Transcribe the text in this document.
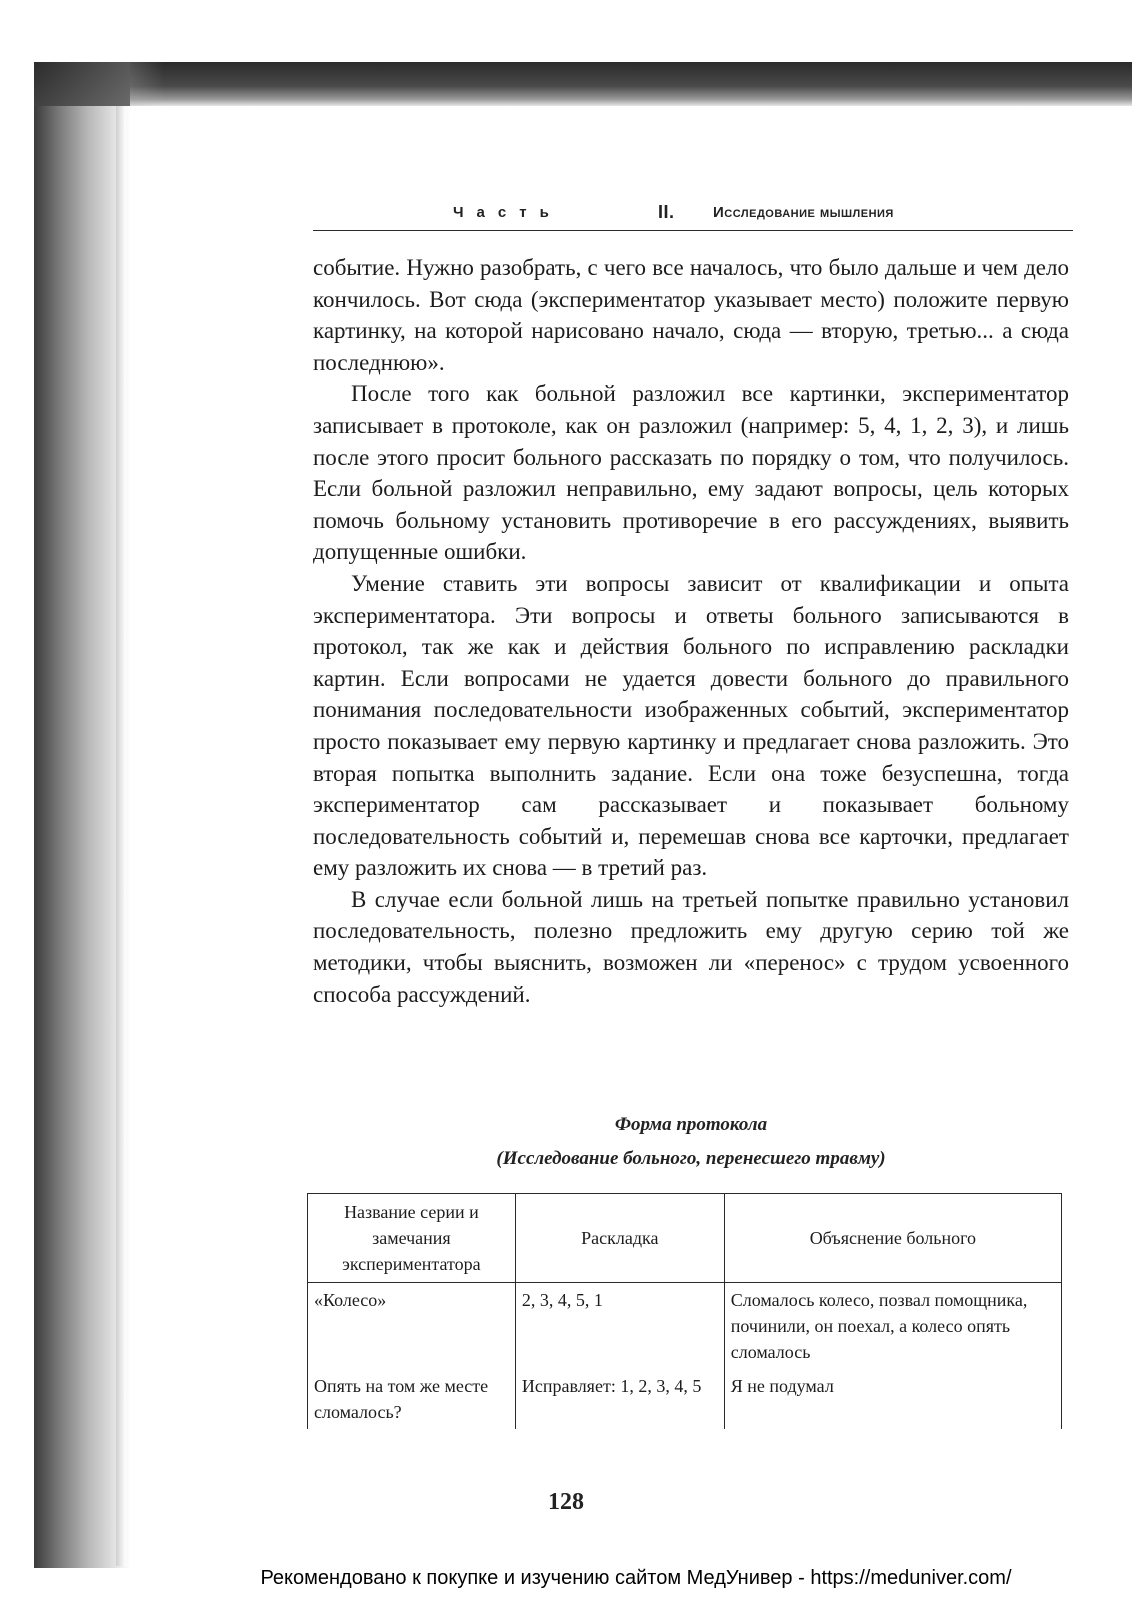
Часть	II.	Исследование мышления

событие. Нужно разобрать, с чего все началось, что было дальше и чем дело кончилось. Вот сюда (экспериментатор указывает место) положите первую картинку, на которой нарисовано начало, сюда — вторую, третью... а сюда последнюю».

После того как больной разложил все картинки, экспериментатор записывает в протоколе, как он разложил (например: 5, 4, 1, 2, 3), и лишь после этого просит больного рассказать по порядку о том, что получилось. Если больной разложил неправильно, ему задают вопросы, цель которых помочь больному установить противоречие в его рассуждениях, выявить допущенные ошибки.

Умение ставить эти вопросы зависит от квалификации и опыта экспериментатора. Эти вопросы и ответы больного записываются в протокол, так же как и действия больного по исправлению раскладки картин. Если вопросами не удается довести больного до правильного понимания последовательности изображенных событий, экспериментатор просто показывает ему первую картинку и предлагает снова разложить. Это вторая попытка выполнить задание. Если она тоже безуспешна, тогда экспериментатор сам рассказывает и показывает больному последовательность событий и, перемешав снова все карточки, предлагает ему разложить их снова — в третий раз.

В случае если больной лишь на третьей попытке правильно установил последовательность, полезно предложить ему другую серию той же методики, чтобы выяснить, возможен ли «перенос» с трудом усвоенного способа рассуждений.

Форма протокола
(Исследование больного, перенесшего травму)
Название серии и замечания экспериментатора	Раскладка	Объяснение больного
«Колесо»	2, 3, 4, 5, 1	Сломалось колесо, позвал помощника, починили, он поехал, а колесо опять сломалось
Опять на том же месте сломалось?	Исправляет: 1, 2, 3, 4, 5	Я не подумал
128
Рекомендовано к покупке и изучению сайтом МедУнивер - https://meduniver.com/
